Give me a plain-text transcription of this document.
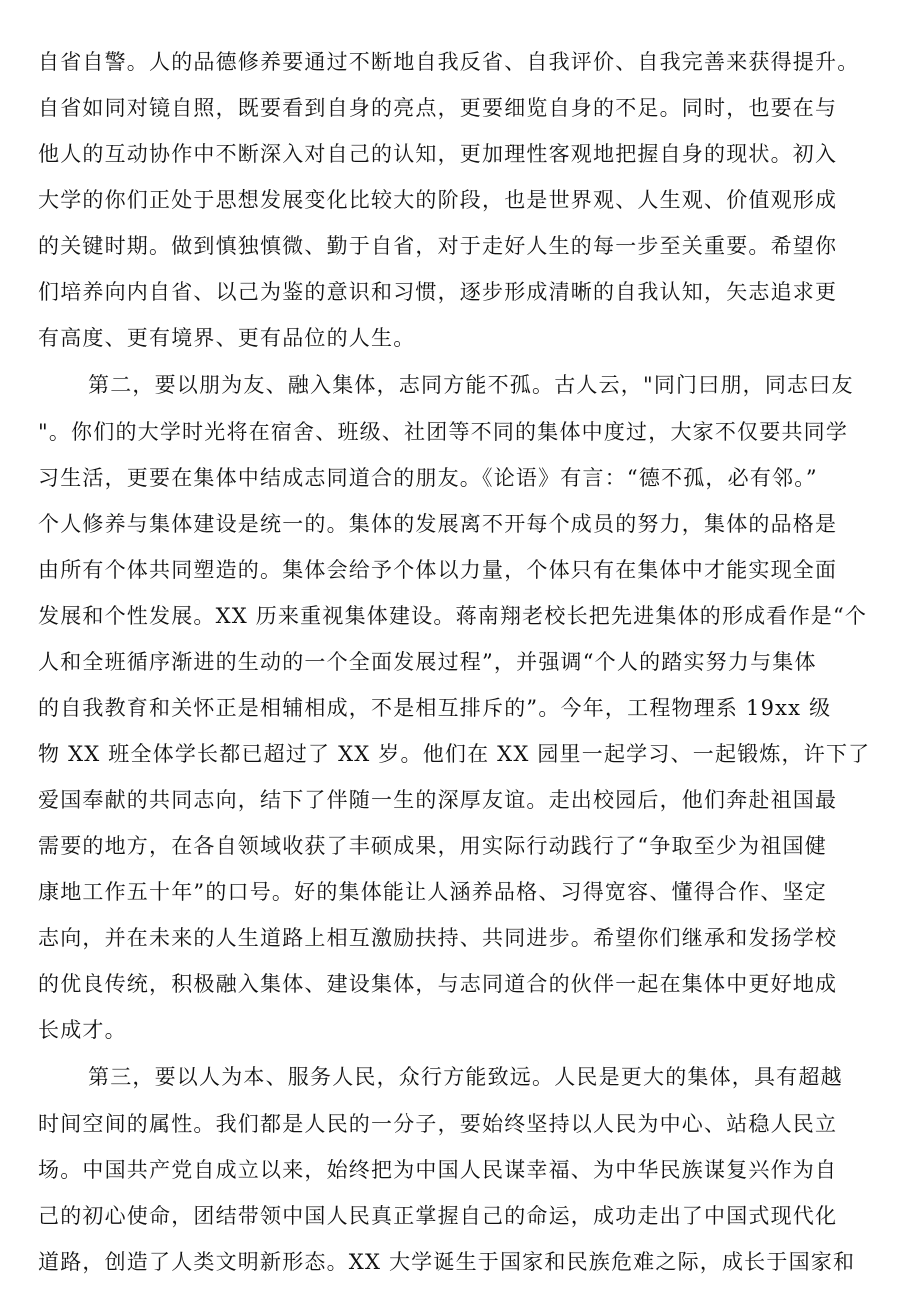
自省自警。人的品德修养要通过不断地自我反省、自我评价、自我完善来获得提升。

自省如同对镜自照，既要看到自身的亮点，更要细览自身的不足。同时，也要在与

他人的互动协作中不断深入对自己的认知，更加理性客观地把握自身的现状。初入

大学的你们正处于思想发展变化比较大的阶段，也是世界观、人生观、价值观形成

的关键时期。做到慎独慎微、勤于自省，对于走好人生的每一步至关重要。希望你

们培养向内自省、以己为鉴的意识和习惯，逐步形成清晰的自我认知，矢志追求更

有高度、更有境界、更有品位的人生。

第二，要以朋为友、融入集体，志同方能不孤。古人云，"同门曰朋，同志曰友

"。你们的大学时光将在宿舍、班级、社团等不同的集体中度过，大家不仅要共同学

习生活，更要在集体中结成志同道合的朋友。《论语》有言：“德不孤，必有邻。”

个人修养与集体建设是统一的。集体的发展离不开每个成员的努力，集体的品格是

由所有个体共同塑造的。集体会给予个体以力量，个体只有在集体中才能实现全面

发展和个性发展。XX 历来重视集体建设。蒋南翔老校长把先进集体的形成看作是“个

人和全班循序渐进的生动的一个全面发展过程”，并强调“个人的踏实努力与集体

的自我教育和关怀正是相辅相成，不是相互排斥的”。今年，工程物理系 19xx 级

物 XX 班全体学长都已超过了 XX 岁。他们在 XX 园里一起学习、一起锻炼，许下了

爱国奉献的共同志向，结下了伴随一生的深厚友谊。走出校园后，他们奔赴祖国最

需要的地方，在各自领域收获了丰硕成果，用实际行动践行了“争取至少为祖国健

康地工作五十年”的口号。好的集体能让人涵养品格、习得宽容、懂得合作、坚定

志向，并在未来的人生道路上相互激励扶持、共同进步。希望你们继承和发扬学校

的优良传统，积极融入集体、建设集体，与志同道合的伙伴一起在集体中更好地成

长成才。

第三，要以人为本、服务人民，众行方能致远。人民是更大的集体，具有超越

时间空间的属性。我们都是人民的一分子，要始终坚持以人民为中心、站稳人民立

场。中国共产党自成立以来，始终把为中国人民谋幸福、为中华民族谋复兴作为自

己的初心使命，团结带领中国人民真正掌握自己的命运，成功走出了中国式现代化

道路，创造了人类文明新形态。XX 大学诞生于国家和民族危难之际，成长于国家和
